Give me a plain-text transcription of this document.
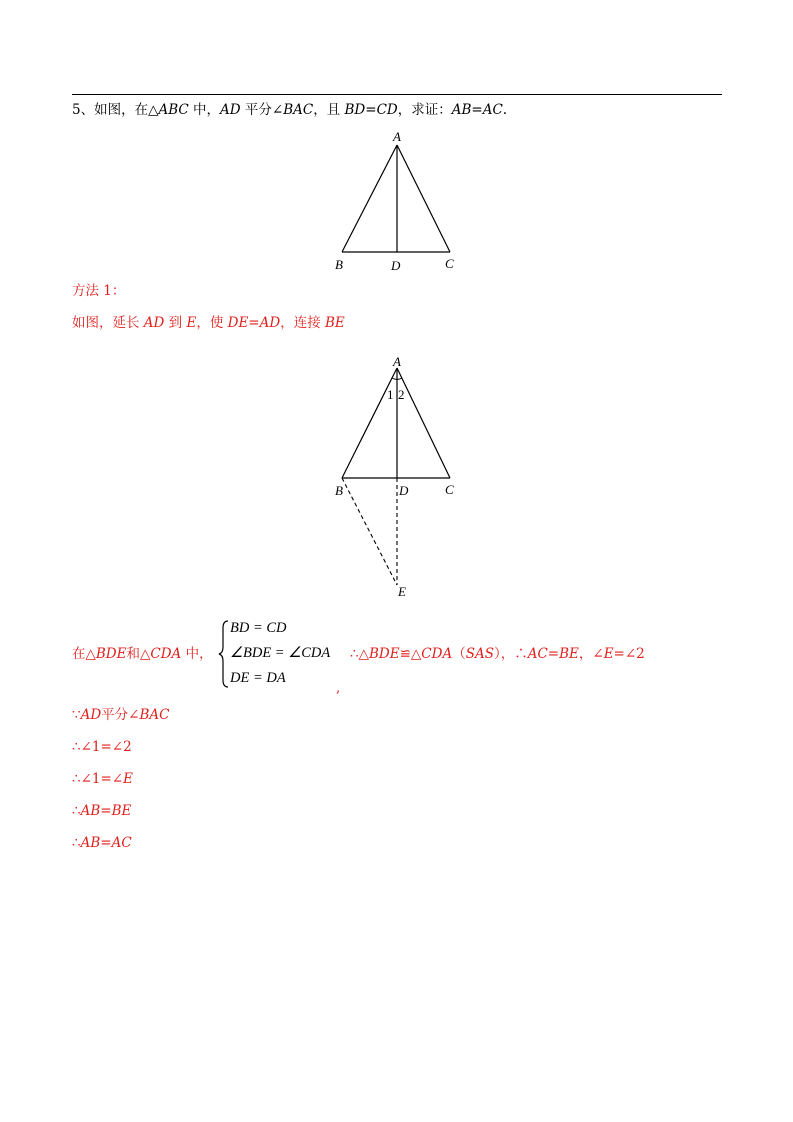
5、如图，在△ABC 中，AD 平分∠BAC，且 BD=CD，求证：AB=AC.
A
B	D	C
方法 1：
如图，延长 AD 到 E，使 DE=AD，连接 BE
A
1 2
B	D	C
E
在△BDE和△CDA 中，
BD = CD
∠BDE = ∠CDA
DE = DA
∴△BDE≌△CDA（SAS），∴AC=BE，∠E=∠2
,
∵AD平分∠BAC
∴∠1=∠2
∴∠1=∠E
∴AB=BE
∴AB=AC
